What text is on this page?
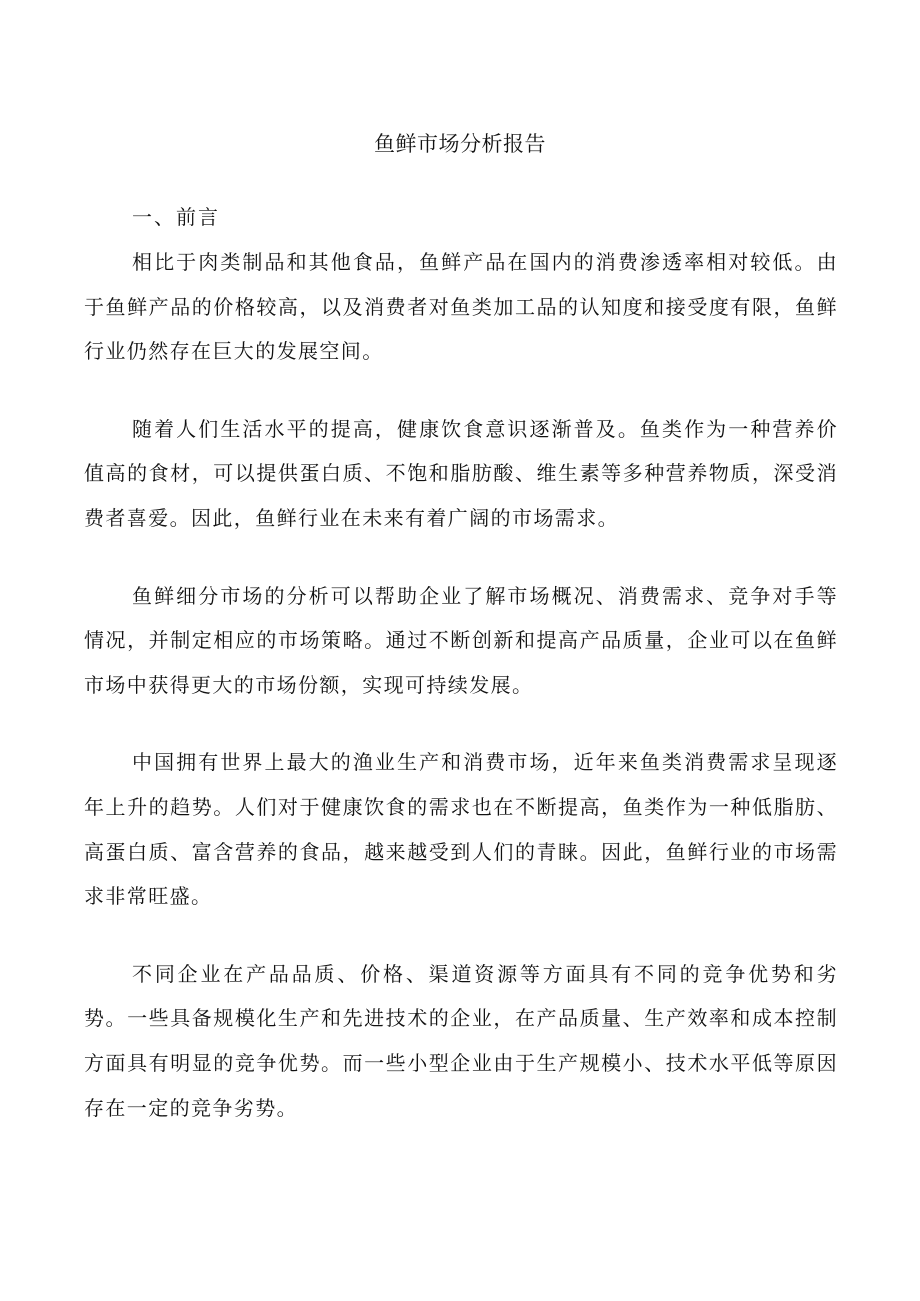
鱼鲜市场分析报告
一、前言

相比于肉类制品和其他食品，鱼鲜产品在国内的消费渗透率相对较低。由于鱼鲜产品的价格较高，以及消费者对鱼类加工品的认知度和接受度有限，鱼鲜行业仍然存在巨大的发展空间。

随着人们生活水平的提高，健康饮食意识逐渐普及。鱼类作为一种营养价值高的食材，可以提供蛋白质、不饱和脂肪酸、维生素等多种营养物质，深受消费者喜爱。因此，鱼鲜行业在未来有着广阔的市场需求。

鱼鲜细分市场的分析可以帮助企业了解市场概况、消费需求、竞争对手等情况，并制定相应的市场策略。通过不断创新和提高产品质量，企业可以在鱼鲜市场中获得更大的市场份额，实现可持续发展。

中国拥有世界上最大的渔业生产和消费市场，近年来鱼类消费需求呈现逐年上升的趋势。人们对于健康饮食的需求也在不断提高，鱼类作为一种低脂肪、高蛋白质、富含营养的食品，越来越受到人们的青睐。因此，鱼鲜行业的市场需求非常旺盛。

不同企业在产品品质、价格、渠道资源等方面具有不同的竞争优势和劣势。一些具备规模化生产和先进技术的企业，在产品质量、生产效率和成本控制方面具有明显的竞争优势。而一些小型企业由于生产规模小、技术水平低等原因存在一定的竞争劣势。
